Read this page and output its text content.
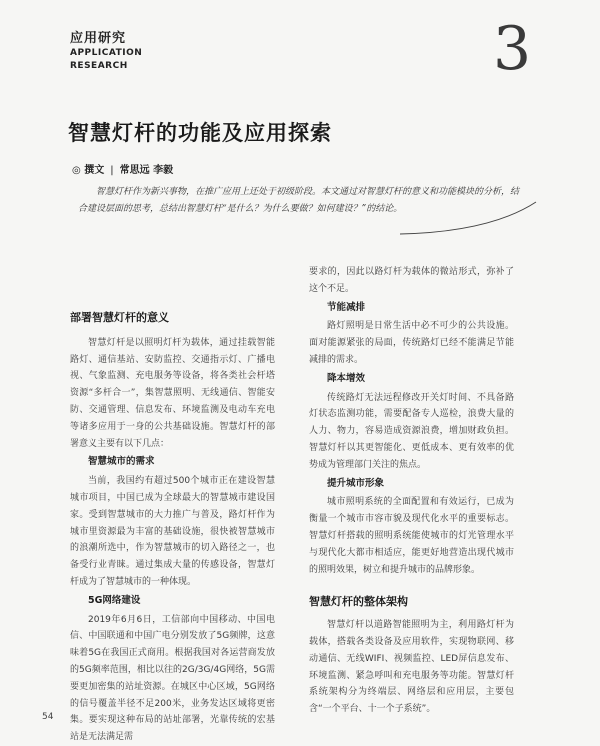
应用研究
APPLICATION
RESEARCH	3
智慧灯杆的功能及应用探索
◎ 撰文 | 常思远 李毅
智慧灯杆作为新兴事物，在推广应用上还处于初级阶段。本文通过对智慧灯杆的意义和功能模块的分析，结合建设层面的思考，总结出智慧灯杆“是什么？为什么要做？如何建设？”的结论。
部署智慧灯杆的意义

智慧灯杆是以照明灯杆为载体，通过挂载智能路灯、通信基站、安防监控、交通指示灯、广播电视、气象监测、充电服务等设备，将各类社会杆塔资源“多杆合一”，集智慧照明、无线通信、智能安防、交通管理、信息发布、环境监测及电动车充电等诸多应用于一身的公共基础设施。智慧灯杆的部署意义主要有以下几点：

智慧城市的需求

当前，我国约有超过500个城市正在建设智慧城市项目，中国已成为全球最大的智慧城市建设国家。受到智慧城市的大力推广与普及，路灯杆作为城市里资源最为丰富的基础设施，很快被智慧城市的浪潮所选中，作为智慧城市的切入路径之一，也备受行业青睐。通过集成大量的传感设备，智慧灯杆成为了智慧城市的一种体现。

5G网络建设

2019年6月6日，工信部向中国移动、中国电信、中国联通和中国广电分别发放了5G频牌，这意味着5G在我国正式商用。根据我国对各运营商发放的5G频率范围，相比以往的2G/3G/4G网络，5G需要更加密集的站址资源。在城区中心区域，5G网络的信号覆盖半径不足200米，业务发达区域将更密集。要实现这种布局的站址部署，光靠传统的宏基站是无法满足需

要求的，因此以路灯杆为载体的微站形式，弥补了这个不足。

节能减排

路灯照明是日常生活中必不可少的公共设施。面对能源紧张的局面，传统路灯已经不能满足节能减排的需求。

降本增效

传统路灯无法远程修改开关灯时间、不具备路灯状态监测功能，需要配备专人巡检，浪费大量的人力、物力，容易造成资源浪费，增加财政负担。智慧灯杆以其更智能化、更低成本、更有效率的优势成为管理部门关注的焦点。

提升城市形象

城市照明系统的全面配置和有效运行，已成为衡量一个城市市容市貌及现代化水平的重要标志。智慧灯杆搭载的照明系统能使城市的灯光管理水平与现代化大都市相适应，能更好地营造出现代城市的照明效果，树立和提升城市的品牌形象。

智慧灯杆的整体架构

智慧灯杆以道路智能照明为主，利用路灯杆为载体，搭载各类设备及应用软件，实现物联网、移动通信、无线WIFI、视频监控、LED屏信息发布、环境监测、紧急呼叫和充电服务等功能。智慧灯杆系统架构分为终端层、网络层和应用层，主要包含“一个平台、十一个子系统”。

54
